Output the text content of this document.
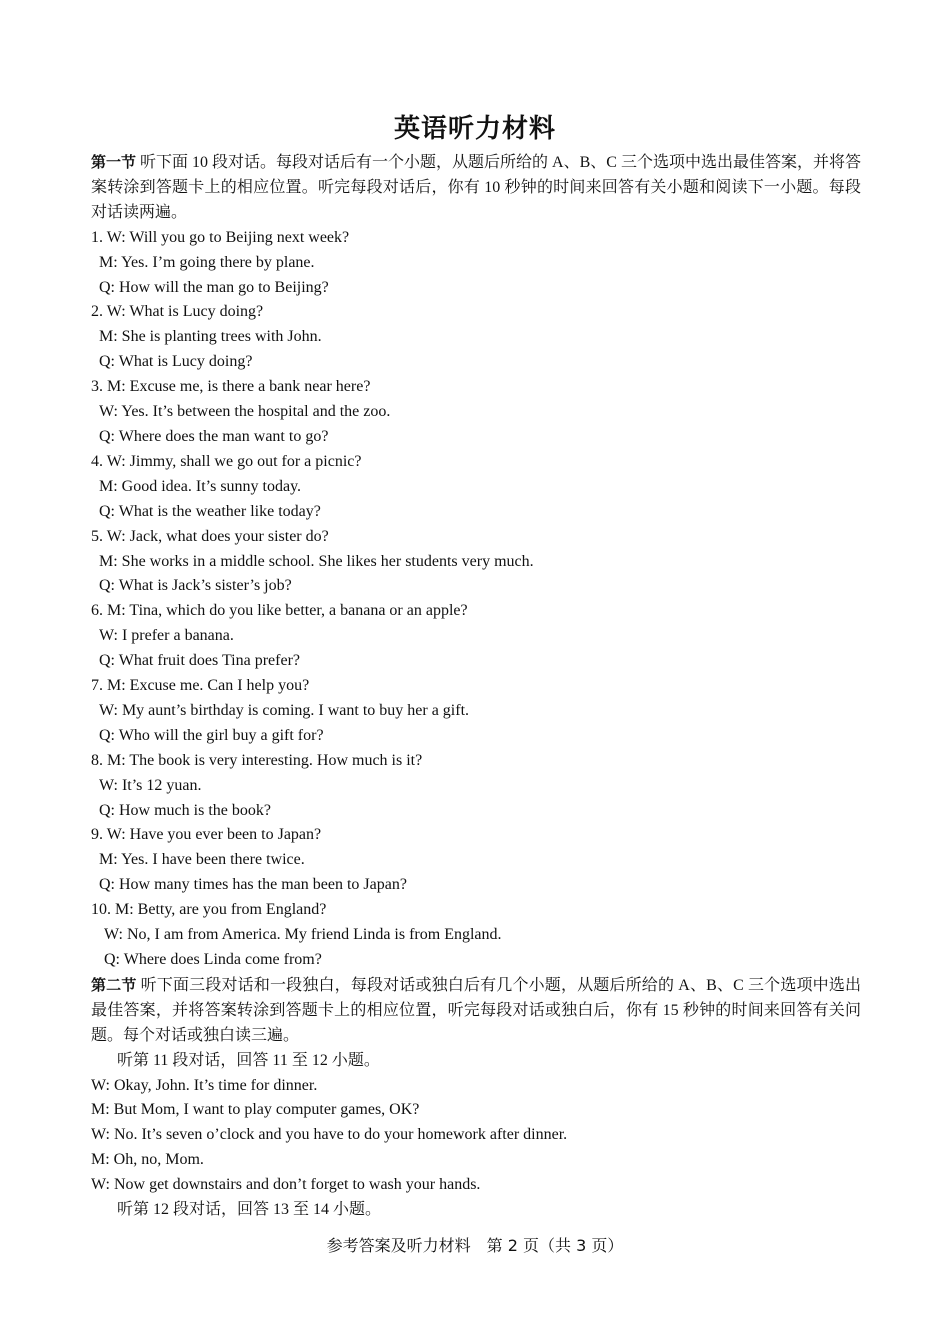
英语听力材料

第一节 听下面 10 段对话。每段对话后有一个小题，从题后所给的 A、B、C 三个选项中选出最佳答案，并将答案转涂到答题卡上的相应位置。听完每段对话后，你有 10 秒钟的时间来回答有关小题和阅读下一小题。每段对话读两遍。

1. W: Will you go to Beijing next week?

M: Yes. I’m going there by plane.

Q: How will the man go to Beijing?

2. W: What is Lucy doing?

M: She is planting trees with John.

Q: What is Lucy doing?

3. M: Excuse me, is there a bank near here?

W: Yes. It’s between the hospital and the zoo.

Q: Where does the man want to go?

4. W: Jimmy, shall we go out for a picnic?

M: Good idea. It’s sunny today.

Q: What is the weather like today?

5. W: Jack, what does your sister do?

M: She works in a middle school. She likes her students very much.

Q: What is Jack’s sister’s job?

6. M: Tina, which do you like better, a banana or an apple?

W: I prefer a banana.

Q: What fruit does Tina prefer?

7. M: Excuse me. Can I help you?

W: My aunt’s birthday is coming. I want to buy her a gift.

Q: Who will the girl buy a gift for?

8. M: The book is very interesting. How much is it?

W: It’s 12 yuan.

Q: How much is the book?

9. W: Have you ever been to Japan?

M: Yes. I have been there twice.

Q: How many times has the man been to Japan?

10. M: Betty, are you from England?

W: No, I am from America. My friend Linda is from England.

Q: Where does Linda come from?

第二节 听下面三段对话和一段独白，每段对话或独白后有几个小题，从题后所给的 A、B、C 三个选项中选出最佳答案，并将答案转涂到答题卡上的相应位置，听完每段对话或独白后，你有 15 秒钟的时间来回答有关问题。每个对话或独白读三遍。

听第 11 段对话，回答 11 至 12 小题。

W: Okay, John. It’s time for dinner.

M: But Mom, I want to play computer games, OK?

W: No. It’s seven o’clock and you have to do your homework after dinner.

M: Oh, no, Mom.

W: Now get downstairs and don’t forget to wash your hands.

听第 12 段对话，回答 13 至 14 小题。

参考答案及听力材料　第 2 页（共 3 页）
